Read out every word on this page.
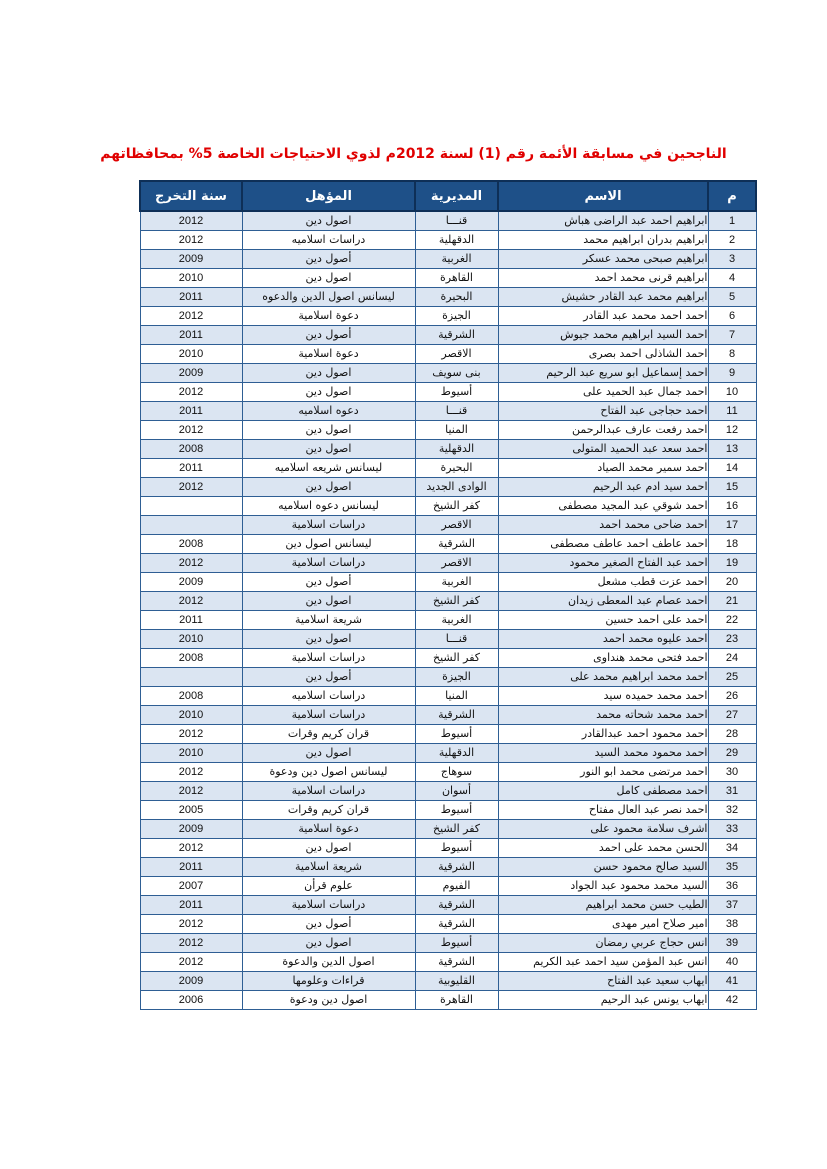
الناجحين في مسابقة الأئمة رقم (1) لسنة 2012م لذوي الاحتياجات الخاصة 5% بمحافظاتهم
م	الاسم	المديرية	المؤهل	سنة التخرج
1	ابراهيم احمد عبد الراضى هباش	قنـــا	اصول دين	2012
2	ابراهيم بدران ابراهيم محمد	الدقهلية	دراسات اسلاميه	2012
3	ابراهيم صبحى محمد عسكر	الغربية	أصول دين	2009
4	ابراهيم قرنى محمد احمد	القاهرة	اصول دين	2010
5	ابراهيم محمد عبد القادر حشيش	البحيرة	ليسانس اصول الدين والدعوه	2011
6	احمد احمد محمد عبد القادر	الجيزة	دعوة اسلامية	2012
7	احمد السيد ابراهيم محمد جيوش	الشرقية	أصول دين	2011
8	احمد الشاذلى احمد بصرى	الاقصر	دعوة اسلامية	2010
9	احمد إسماعيل ابو سريع عبد الرحيم	بنى سويف	اصول دين	2009
10	احمد جمال عبد الحميد على	أسيوط	اصول دين	2012
11	احمد حجاجى عبد الفتاح	قنـــا	دعوه اسلاميه	2011
12	احمد رفعت عارف عبدالرحمن	المنيا	اصول دين	2012
13	احمد سعد عبد الحميد المتولى	الدقهلية	اصول دين	2008
14	احمد سمير محمد الصياد	البحيرة	ليسانس شريعه اسلاميه	2011
15	احمد سيد ادم عبد الرحيم	الوادى الجديد	اصول دين	2012
16	احمد شوقي عبد المجيد مصطفى	كفر الشيخ	ليسانس دعوه اسلاميه	
17	احمد ضاحى محمد احمد	الاقصر	دراسات اسلامية	
18	احمد عاطف احمد عاطف مصطفى	الشرقية	ليسانس اصول دين	2008
19	احمد عبد الفتاح الصغير محمود	الاقصر	دراسات اسلامية	2012
20	احمد عزت قطب مشعل	الغربية	أصول دين	2009
21	احمد عصام عبد المعطى زيدان	كفر الشيخ	اصول دين	2012
22	احمد على احمد حسين	الغربية	شريعة اسلامية	2011
23	احمد عليوه محمد احمد	قنـــا	اصول دين	2010
24	احمد فتحى محمد هنداوى	كفر الشيخ	دراسات اسلامية	2008
25	احمد محمد ابراهيم محمد على	الجيزة	أصول دين	
26	احمد محمد حميده سيد	المنيا	دراسات اسلاميه	2008
27	احمد محمد شحاته محمد	الشرقية	دراسات اسلامية	2010
28	احمد محمود احمد عبدالقادر	أسيوط	قران كريم وقرات	2012
29	احمد محمود محمد السيد	الدقهلية	اصول دين	2010
30	احمد مرتضى محمد ابو النور	سوهاج	ليسانس اصول دين ودعوة	2012
31	احمد مصطفى كامل	أسوان	دراسات اسلامية	2012
32	احمد نصر عبد العال مفتاح	أسيوط	قران كريم وقرات	2005
33	اشرف سلامة محمود على	كفر الشيخ	دعوة اسلامية	2009
34	الحسن محمد على احمد	أسيوط	اصول دين	2012
35	السيد صالح محمود حسن	الشرقية	شريعة اسلامية	2011
36	السيد محمد محمود عبد الجواد	الفيوم	علوم قرأن	2007
37	الطيب حسن محمد ابراهيم	الشرقية	دراسات اسلامية	2011
38	امير صلاح امير مهدى	الشرقية	أصول دين	2012
39	انس حجاج عربي رمضان	أسيوط	اصول دين	2012
40	انس عبد المؤمن سيد احمد عبد الكريم	الشرقية	اصول الدين والدعوة	2012
41	ايهاب سعيد عبد الفتاح	القليوبية	قراءات وعلومها	2009
42	ايهاب يونس عبد الرحيم	القاهرة	اصول دين ودعوة	2006
